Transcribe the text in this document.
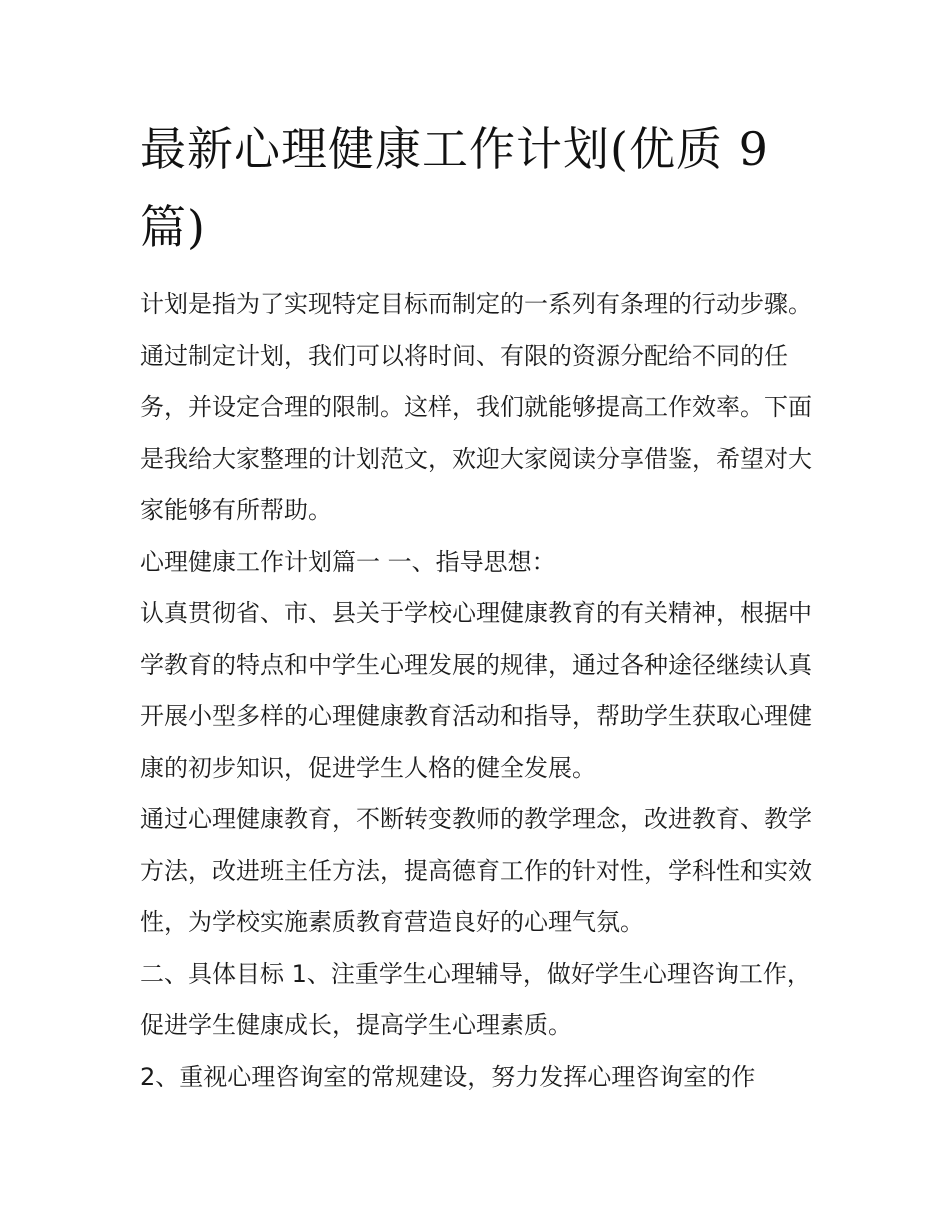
最新心理健康工作计划(优质 9 篇)

计划是指为了实现特定目标而制定的一系列有条理的行动步骤。通过制定计划，我们可以将时间、有限的资源分配给不同的任务，并设定合理的限制。这样，我们就能够提高工作效率。下面是我给大家整理的计划范文，欢迎大家阅读分享借鉴，希望对大家能够有所帮助。

心理健康工作计划篇一 一、指导思想：

认真贯彻省、市、县关于学校心理健康教育的有关精神，根据中学教育的特点和中学生心理发展的规律，通过各种途径继续认真开展小型多样的心理健康教育活动和指导，帮助学生获取心理健康的初步知识，促进学生人格的健全发展。

通过心理健康教育，不断转变教师的教学理念，改进教育、教学方法，改进班主任方法，提高德育工作的针对性，学科性和实效性，为学校实施素质教育营造良好的心理气氛。

二、具体目标 1、注重学生心理辅导，做好学生心理咨询工作，促进学生健康成长，提高学生心理素质。

2、重视心理咨询室的常规建设，努力发挥心理咨询室的作
